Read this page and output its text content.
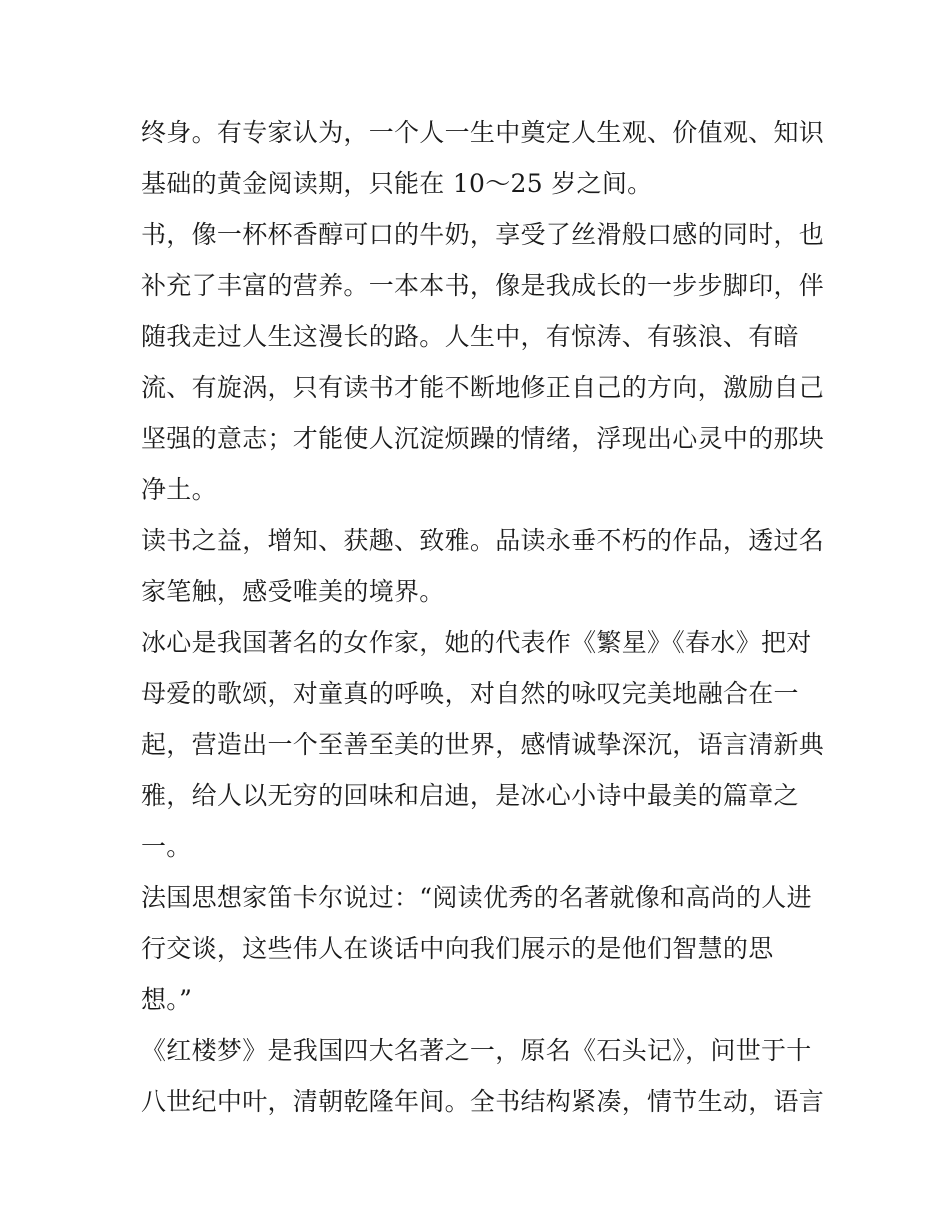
终身。有专家认为，一个人一生中奠定人生观、价值观、知识
基础的黄金阅读期，只能在 10～25 岁之间。
书，像一杯杯香醇可口的牛奶，享受了丝滑般口感的同时，也
补充了丰富的营养。一本本书，像是我成长的一步步脚印，伴
随我走过人生这漫长的路。人生中，有惊涛、有骇浪、有暗
流、有旋涡，只有读书才能不断地修正自己的方向，激励自己
坚强的意志；才能使人沉淀烦躁的情绪，浮现出心灵中的那块
净土。
读书之益，增知、获趣、致雅。品读永垂不朽的作品，透过名
家笔触，感受唯美的境界。
冰心是我国著名的女作家，她的代表作《繁星》《春水》把对
母爱的歌颂，对童真的呼唤，对自然的咏叹完美地融合在一
起，营造出一个至善至美的世界，感情诚挚深沉，语言清新典
雅，给人以无穷的回味和启迪，是冰心小诗中最美的篇章之
一。
法国思想家笛卡尔说过：“阅读优秀的名著就像和高尚的人进
行交谈，这些伟人在谈话中向我们展示的是他们智慧的思
想。”
《红楼梦》是我国四大名著之一，原名《石头记》，问世于十
八世纪中叶，清朝乾隆年间。全书结构紧凑，情节生动，语言
